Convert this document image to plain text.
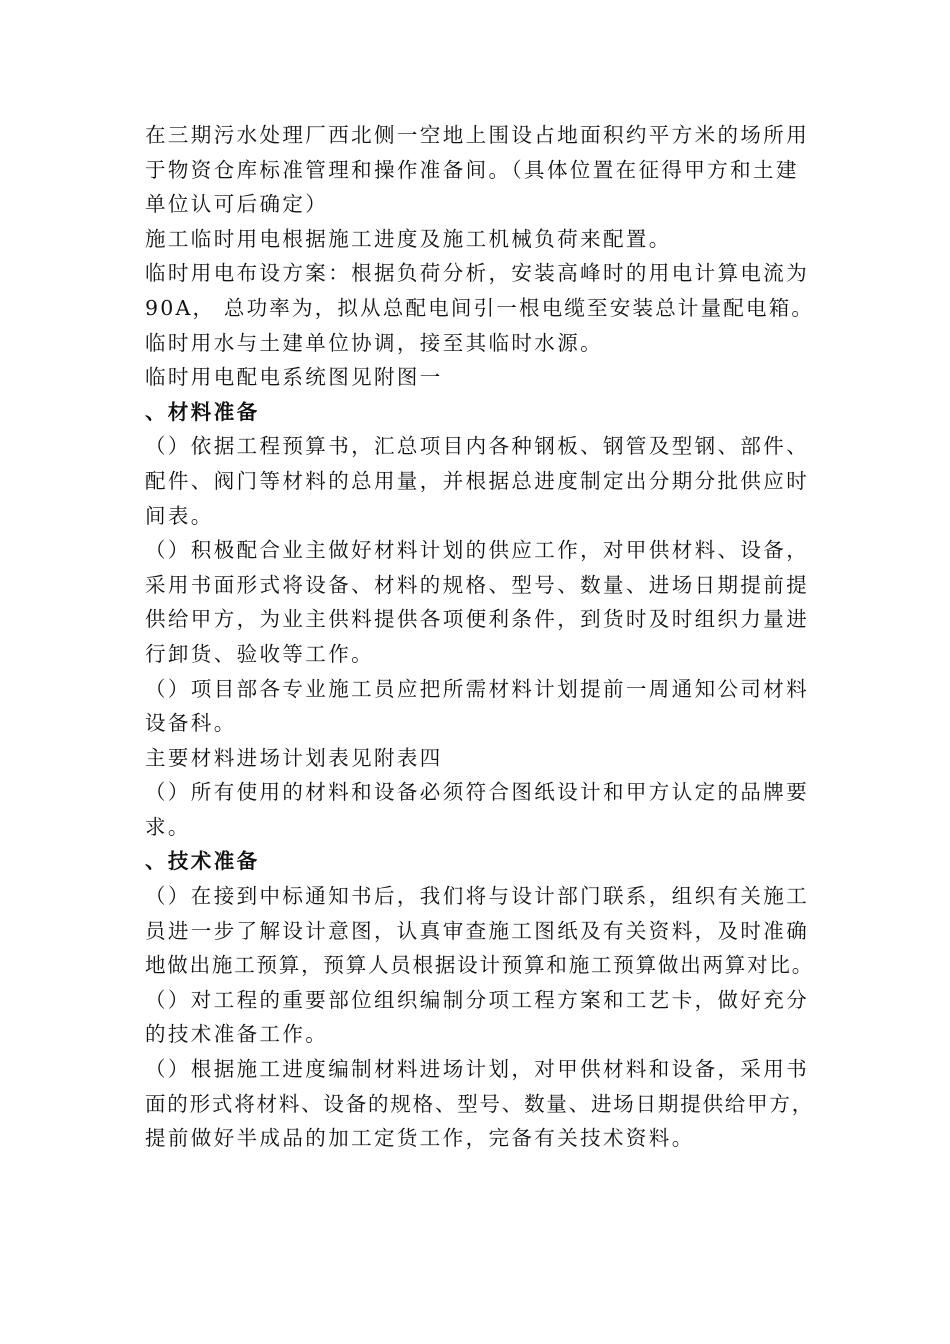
在三期污水处理厂西北侧一空地上围设占地面积约平方米的场所用
于物资仓库标准管理和操作准备间。（具体位置在征得甲方和土建
单位认可后确定）
施工临时用电根据施工进度及施工机械负荷来配置。
临时用电布设方案：根据负荷分析，安装高峰时的用电计算电流为
90A， 总功率为，拟从总配电间引一根电缆至安装总计量配电箱。
临时用水与土建单位协调，接至其临时水源。
临时用电配电系统图见附图一
、材料准备
（）依据工程预算书，汇总项目内各种钢板、钢管及型钢、部件、
配件、阀门等材料的总用量，并根据总进度制定出分期分批供应时
间表。
（）积极配合业主做好材料计划的供应工作，对甲供材料、设备，
采用书面形式将设备、材料的规格、型号、数量、进场日期提前提
供给甲方，为业主供料提供各项便利条件，到货时及时组织力量进
行卸货、验收等工作。
（）项目部各专业施工员应把所需材料计划提前一周通知公司材料
设备科。
主要材料进场计划表见附表四
（）所有使用的材料和设备必须符合图纸设计和甲方认定的品牌要
求。
、技术准备
（）在接到中标通知书后，我们将与设计部门联系，组织有关施工
员进一步了解设计意图，认真审查施工图纸及有关资料，及时准确
地做出施工预算，预算人员根据设计预算和施工预算做出两算对比。
（）对工程的重要部位组织编制分项工程方案和工艺卡，做好充分
的技术准备工作。
（）根据施工进度编制材料进场计划，对甲供材料和设备，采用书
面的形式将材料、设备的规格、型号、数量、进场日期提供给甲方，
提前做好半成品的加工定货工作，完备有关技术资料。
